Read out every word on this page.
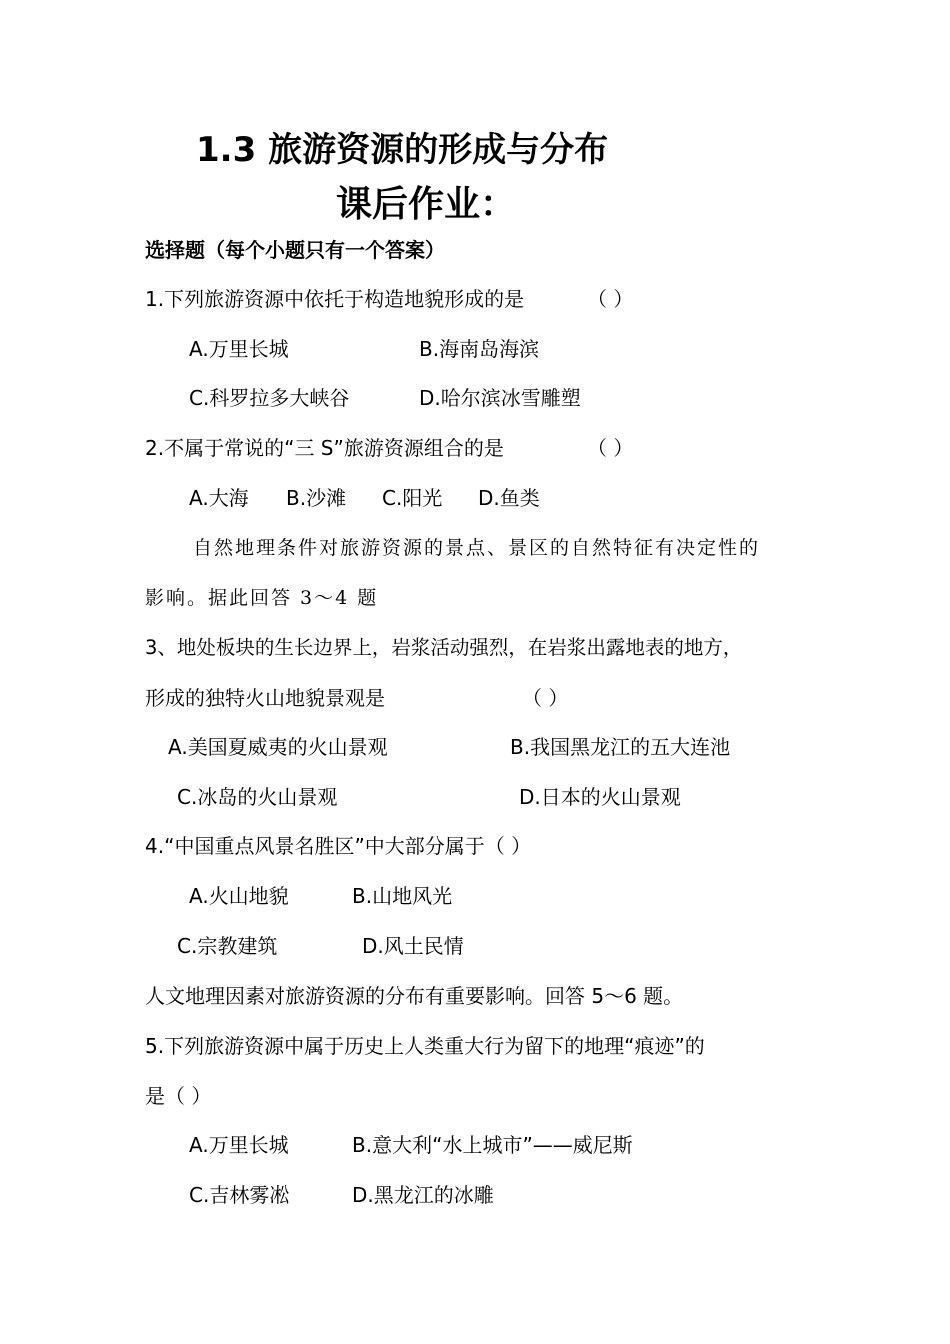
1.3 旅游资源的形成与分布
课后作业：
选择题（每个小题只有一个答案）
1.下列旅游资源中依托于构造地貌形成的是	（ ）
A.万里长城	B.海南岛海滨
C.科罗拉多大峡谷	D.哈尔滨冰雪雕塑
2.不属于常说的“三 S”旅游资源组合的是	（ ）
A.大海 B.沙滩 C.阳光 D.鱼类
自然地理条件对旅游资源的景点、景区的自然特征有决定性的
影响。据此回答 3～4 题
3、地处板块的生长边界上，岩浆活动强烈，在岩浆出露地表的地方，
形成的独特火山地貌景观是	（ ）
A.美国夏威夷的火山景观	B.我国黑龙江的五大连池
C.冰岛的火山景观	D.日本的火山景观
4.“中国重点风景名胜区”中大部分属于（ ）
A.火山地貌	B.山地风光
C.宗教建筑	D.风土民情
人文地理因素对旅游资源的分布有重要影响。回答 5～6 题。
5.下列旅游资源中属于历史上人类重大行为留下的地理“痕迹”的
是（ ）
A.万里长城	B.意大利“水上城市”——威尼斯
C.吉林雾凇	D.黑龙江的冰雕
